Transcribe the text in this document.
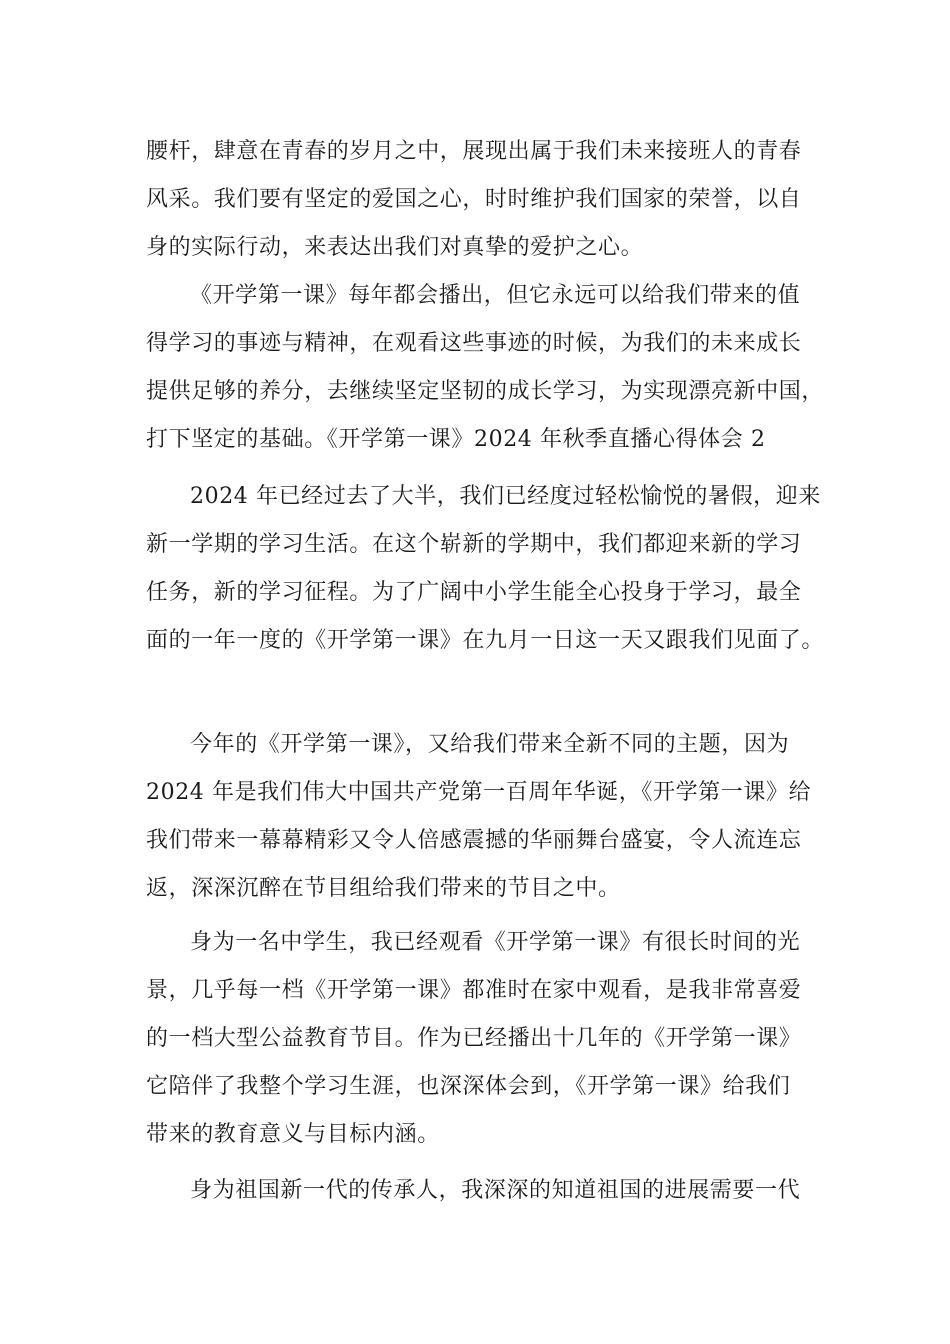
腰杆，肆意在青春的岁月之中，展现出属于我们未来接班人的青春
风采。我们要有坚定的爱国之心，时时维护我们国家的荣誉，以自
身的实际行动，来表达出我们对真挚的爱护之心。
《开学第一课》每年都会播出，但它永远可以给我们带来的值
得学习的事迹与精神，在观看这些事迹的时候，为我们的未来成长
提供足够的养分，去继续坚定坚韧的成长学习，为实现漂亮新中国，
打下坚定的基础。《开学第一课》2024 年秋季直播心得体会 2
2024 年已经过去了大半，我们已经度过轻松愉悦的暑假，迎来
新一学期的学习生活。在这个崭新的学期中，我们都迎来新的学习
任务，新的学习征程。为了广阔中小学生能全心投身于学习，最全
面的一年一度的《开学第一课》在九月一日这一天又跟我们见面了。
今年的《开学第一课》，又给我们带来全新不同的主题，因为
2024 年是我们伟大中国共产党第一百周年华诞，《开学第一课》给
我们带来一幕幕精彩又令人倍感震撼的华丽舞台盛宴，令人流连忘
返，深深沉醉在节目组给我们带来的节目之中。
身为一名中学生，我已经观看《开学第一课》有很长时间的光
景，几乎每一档《开学第一课》都准时在家中观看，是我非常喜爱
的一档大型公益教育节目。作为已经播出十几年的《开学第一课》
它陪伴了我整个学习生涯，也深深体会到，《开学第一课》给我们
带来的教育意义与目标内涵。
身为祖国新一代的传承人，我深深的知道祖国的进展需要一代
